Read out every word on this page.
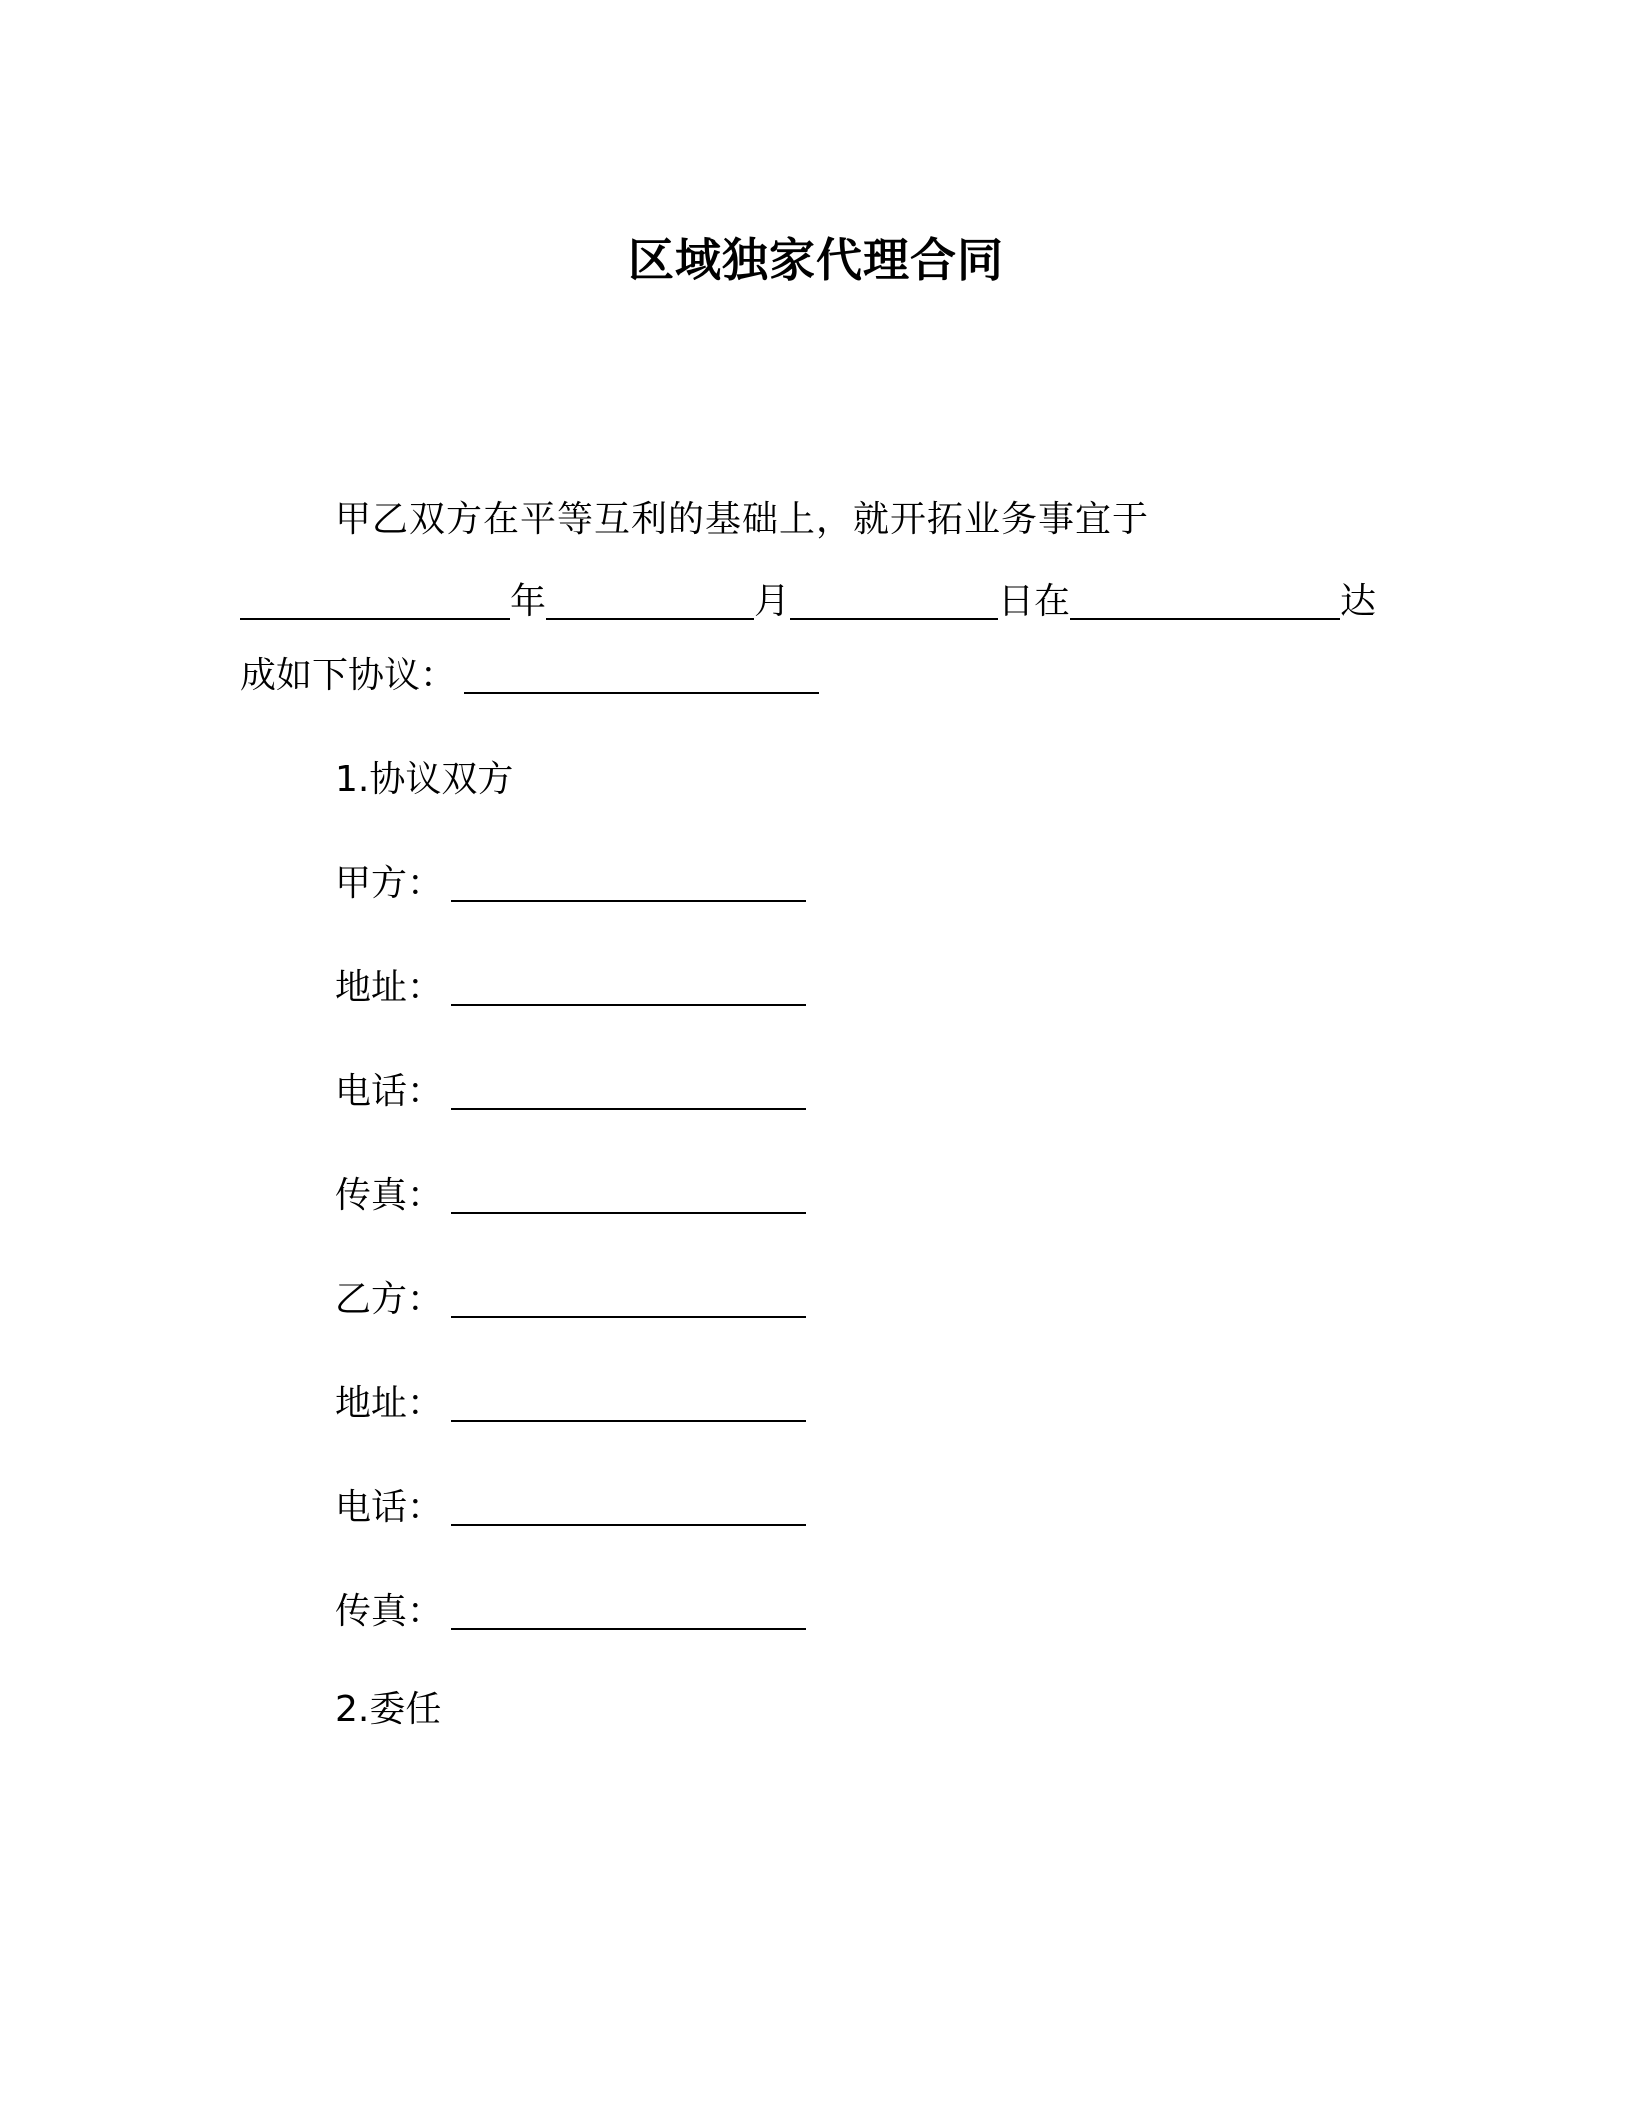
区域独家代理合同
甲乙双方在平等互利的基础上，就开拓业务事宜于
年	月	日在	达
成如下协议：
1.协议双方
甲方：
地址：
电话：
传真：
乙方：
地址：
电话：
传真：
2.委任
